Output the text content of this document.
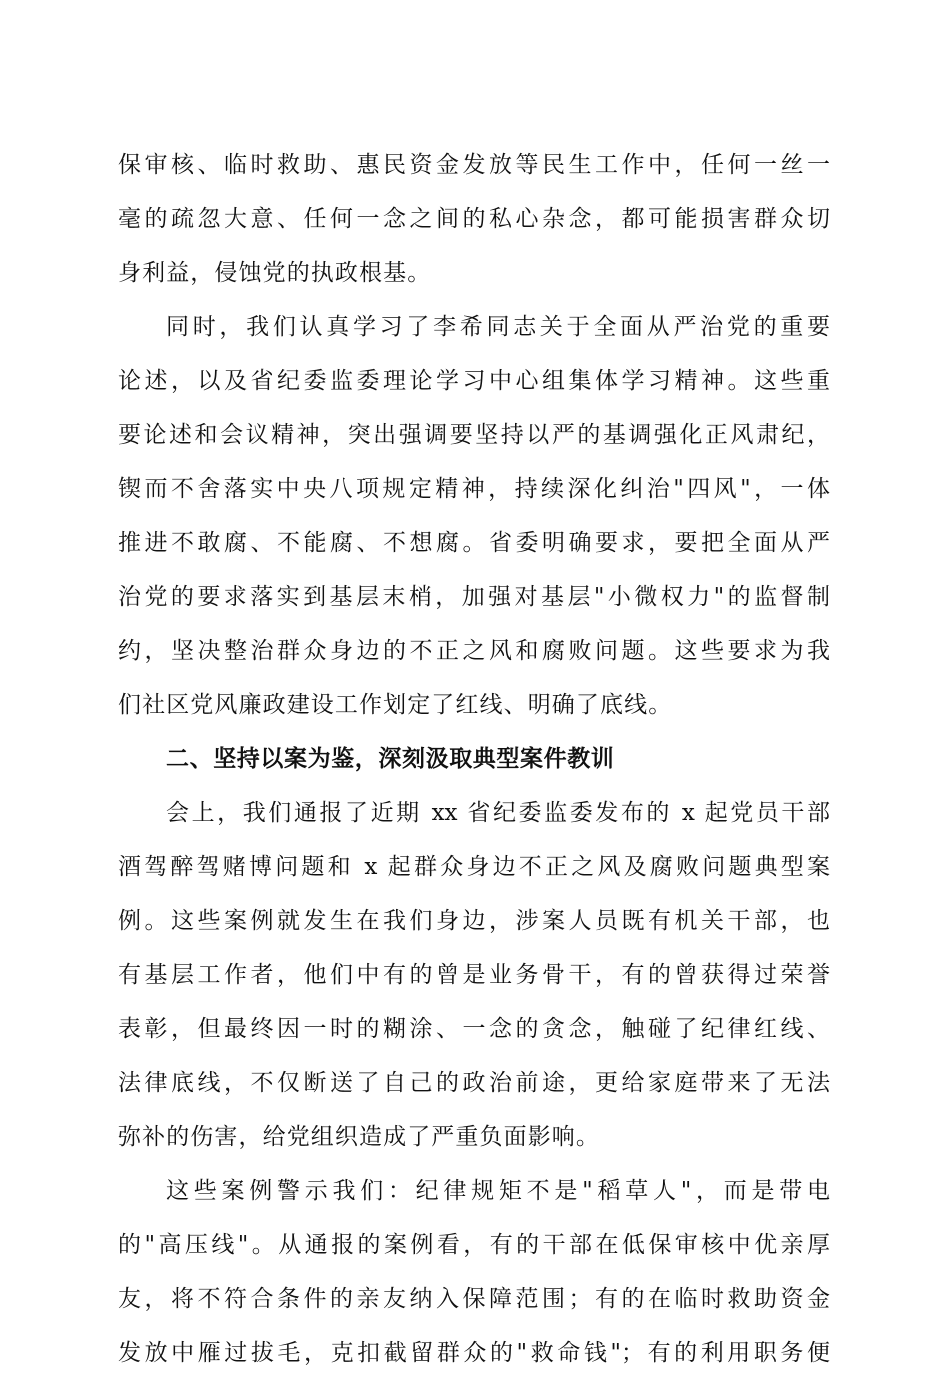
保审核、临时救助、惠民资金发放等民生工作中，任何一丝一
毫的疏忽大意、任何一念之间的私心杂念，都可能损害群众切
身利益，侵蚀党的执政根基。
同时，我们认真学习了李希同志关于全面从严治党的重要
论述，以及省纪委监委理论学习中心组集体学习精神。这些重
要论述和会议精神，突出强调要坚持以严的基调强化正风肃纪，
锲而不舍落实中央八项规定精神，持续深化纠治"四风"，一体
推进不敢腐、不能腐、不想腐。省委明确要求，要把全面从严
治党的要求落实到基层末梢，加强对基层"小微权力"的监督制
约，坚决整治群众身边的不正之风和腐败问题。这些要求为我
们社区党风廉政建设工作划定了红线、明确了底线。
二、坚持以案为鉴，深刻汲取典型案件教训
会上，我们通报了近期 xx 省纪委监委发布的 x 起党员干部
酒驾醉驾赌博问题和 x 起群众身边不正之风及腐败问题典型案
例。这些案例就发生在我们身边，涉案人员既有机关干部，也
有基层工作者，他们中有的曾是业务骨干，有的曾获得过荣誉
表彰，但最终因一时的糊涂、一念的贪念，触碰了纪律红线、
法律底线，不仅断送了自己的政治前途，更给家庭带来了无法
弥补的伤害，给党组织造成了严重负面影响。
这些案例警示我们：纪律规矩不是"稻草人"，而是带电
的"高压线"。从通报的案例看，有的干部在低保审核中优亲厚
友，将不符合条件的亲友纳入保障范围；有的在临时救助资金
发放中雁过拔毛，克扣截留群众的"救命钱"；有的利用职务便
